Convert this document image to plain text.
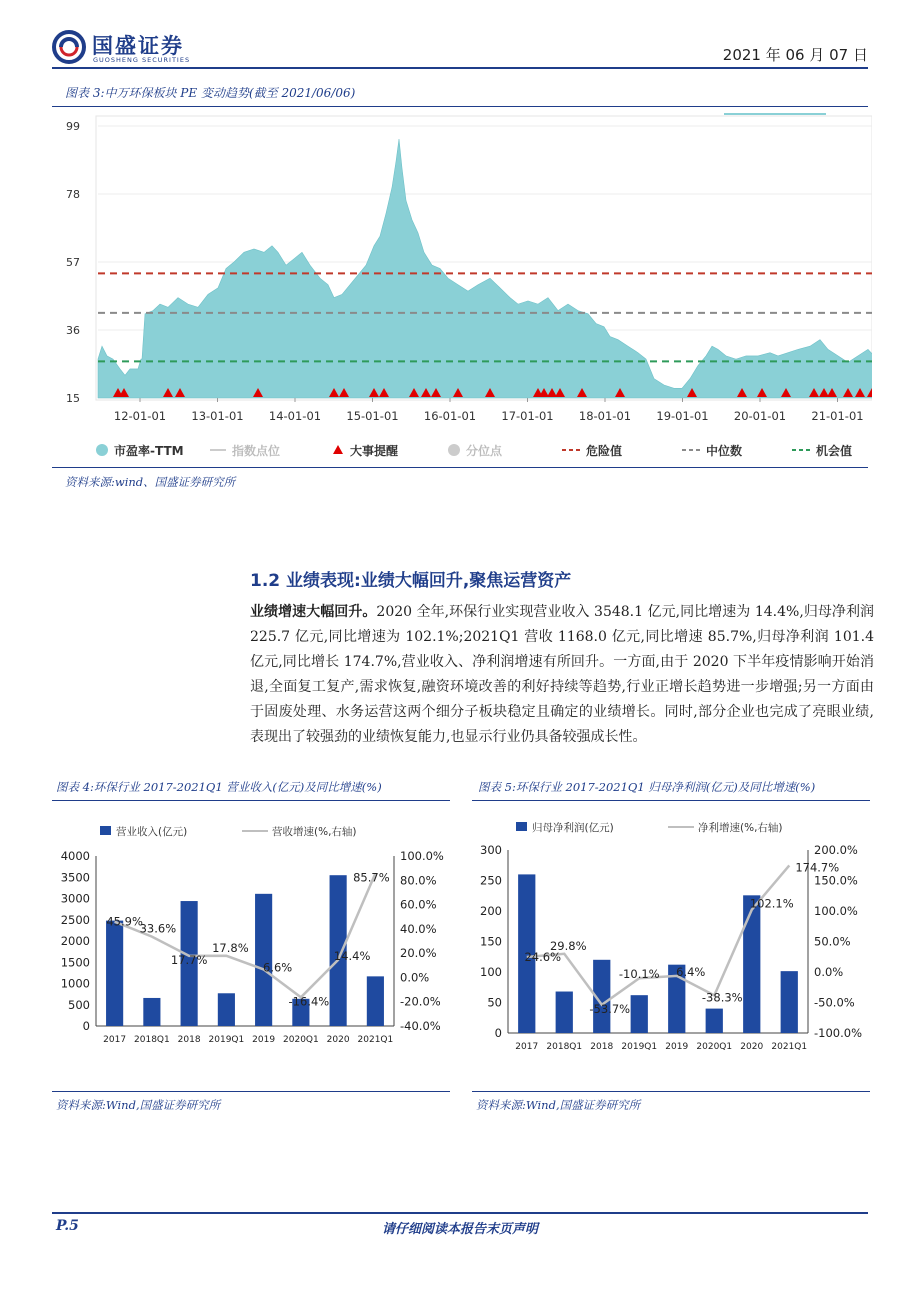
国盛证券
GUOSHENG SECURITIES	2021 年 06 月 07 日
图表 3:中万环保板块 PE 变动趋势(截至 2021/06/06)
99
78
57
36
15
12-01-01 13-01-01 14-01-01 15-01-01 16-01-01 17-01-01 18-01-01 19-01-01 20-01-01 21-01-01
市盈率-TTM	指数点位	大事提醒	分位点	危险值	中位数	机会值
资料来源:wind、国盛证券研究所
1.2 业绩表现:业绩大幅回升,聚焦运营资产
业绩增速大幅回升。2020 全年,环保行业实现营业收入 3548.1 亿元,同比增速为 14.4%,归母净利润 225.7 亿元,同比增速为 102.1%;2021Q1 营收 1168.0 亿元,同比增速 85.7%,归母净利润 101.4 亿元,同比增长 174.7%,营业收入、净利润增速有所回升。一方面,由于 2020 下半年疫情影响开始消退,全面复工复产,需求恢复,融资环境改善的利好持续等趋势,行业正增长趋势进一步增强;另一方面由于固废处理、水务运营这两个细分子板块稳定且确定的业绩增长。同时,部分企业也完成了亮眼业绩,表现出了较强劲的业绩恢复能力,也显示行业仍具备较强成长性。
图表 4:环保行业 2017-2021Q1 营业收入(亿元)及同比增速(%)	图表 5:环保行业 2017-2021Q1 归母净利润(亿元)及同比增速(%)
营业收入(亿元)	营收增速(%,右轴)
4000
3500
3000
2500
2000
1500
1000
500
0
100.0%
80.0%
60.0%
40.0%
20.0%
0.0%
-20.0%
-40.0%
2017 2018Q1 2018 2019Q1 2019 2020Q1 2020 2021Q1
45.9%
33.6%
17.7%
17.8%
6.6%
-16.4%
14.4%
85.7%
归母净利润(亿元)	净利增速(%,右轴)
300
250
200
150
100
50
0
200.0%
150.0%
100.0%
50.0%
0.0%
-50.0%
-100.0%
2017 2018Q1 2018 2019Q1 2019 2020Q1 2020 2021Q1
24.6%
29.8%
-53.7%
-10.1% 6.4%
-38.3%
102.1%
174.7%
资料来源:Wind,国盛证券研究所	资料来源:Wind,国盛证券研究所
P.5	请仔细阅读本报告末页声明
